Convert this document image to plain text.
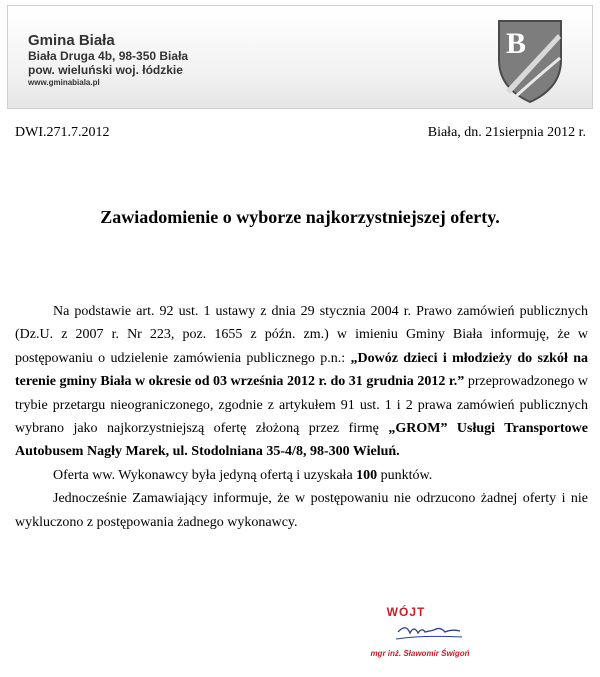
Gmina Biała
Biała Druga 4b, 98-350 Biała
pow. wieluński woj. łódzkie
www.gminabiala.pl
B
DWI.271.7.2012	Biała, dn. 21sierpnia 2012 r.
Zawiadomienie o wyborze najkorzystniejszej oferty.

Na podstawie art. 92 ust. 1 ustawy z dnia 29 stycznia 2004 r. Prawo zamówień publicznych (Dz.U. z 2007 r. Nr 223, poz. 1655 z późn. zm.) w imieniu Gminy Biała informuję, że w postępowaniu o udzielenie zamówienia publicznego p.n.: „Dowóz dzieci i młodzieży do szkół na terenie gminy Biała w okresie od 03 września 2012 r. do 31 grudnia 2012 r.” przeprowadzonego w trybie przetargu nieograniczonego, zgodnie z artykułem 91 ust. 1 i 2 prawa zamówień publicznych wybrano jako najkorzystniejszą ofertę złożoną przez firmę „GROM” Usługi Transportowe Autobusem Nagły Marek, ul. Stodolniana 35-4/8, 98-300 Wieluń.

Oferta ww. Wykonawcy była jedyną ofertą i uzyskała 100 punktów.

Jednocześnie Zamawiający informuje, że w postępowaniu nie odrzucono żadnej oferty i nie wykluczono z postępowania żadnego wykonawcy.

WÓJT
mgr inż. Sławomir Świgoń
